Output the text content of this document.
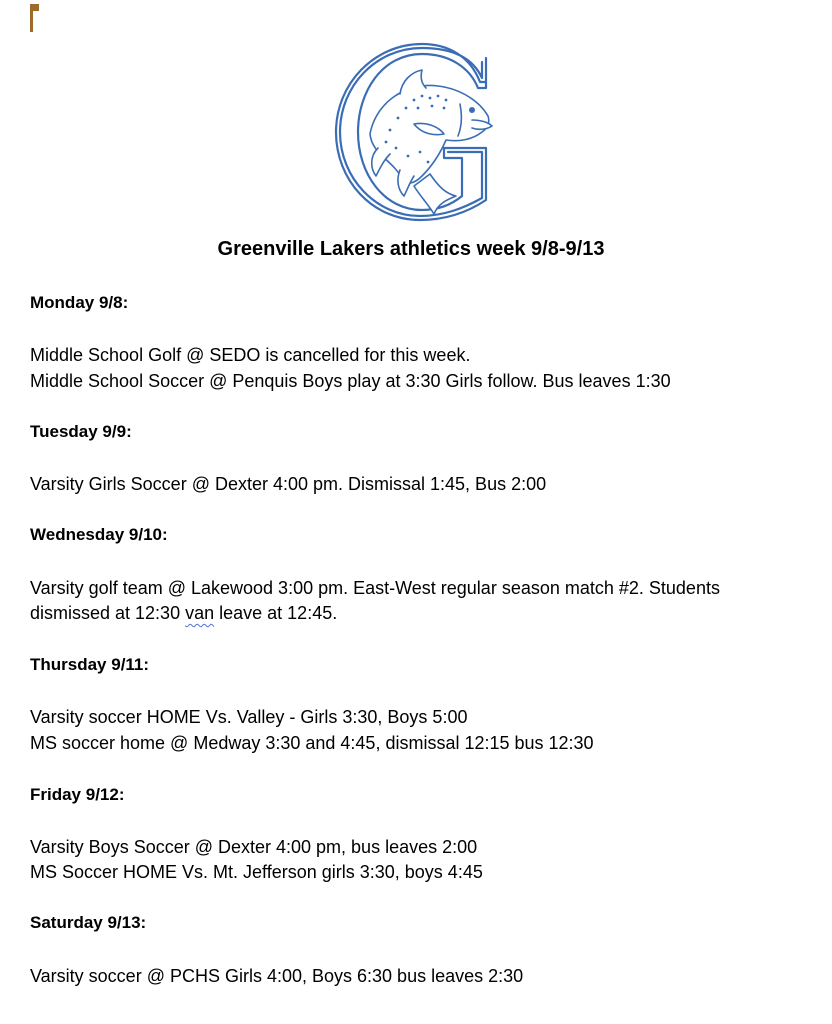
Greenville Lakers athletics week 9/8-9/13

Monday 9/8:

Middle School Golf @ SEDO is cancelled for this week.

Middle School Soccer @ Penquis Boys play at 3:30 Girls follow. Bus leaves 1:30

Tuesday 9/9:

Varsity Girls Soccer @ Dexter 4:00 pm. Dismissal 1:45, Bus 2:00

Wednesday 9/10:

Varsity golf team @ Lakewood 3:00 pm. East-West regular season match #2. Students

dismissed at 12:30 van leave at 12:45.

Thursday 9/11:

Varsity soccer HOME Vs. Valley - Girls 3:30, Boys 5:00

MS soccer home @ Medway 3:30 and 4:45, dismissal 12:15 bus 12:30

Friday 9/12:

Varsity Boys Soccer @ Dexter 4:00 pm, bus leaves 2:00

MS Soccer HOME Vs. Mt. Jefferson girls 3:30, boys 4:45

Saturday 9/13:

Varsity soccer @ PCHS Girls 4:00, Boys 6:30 bus leaves 2:30
